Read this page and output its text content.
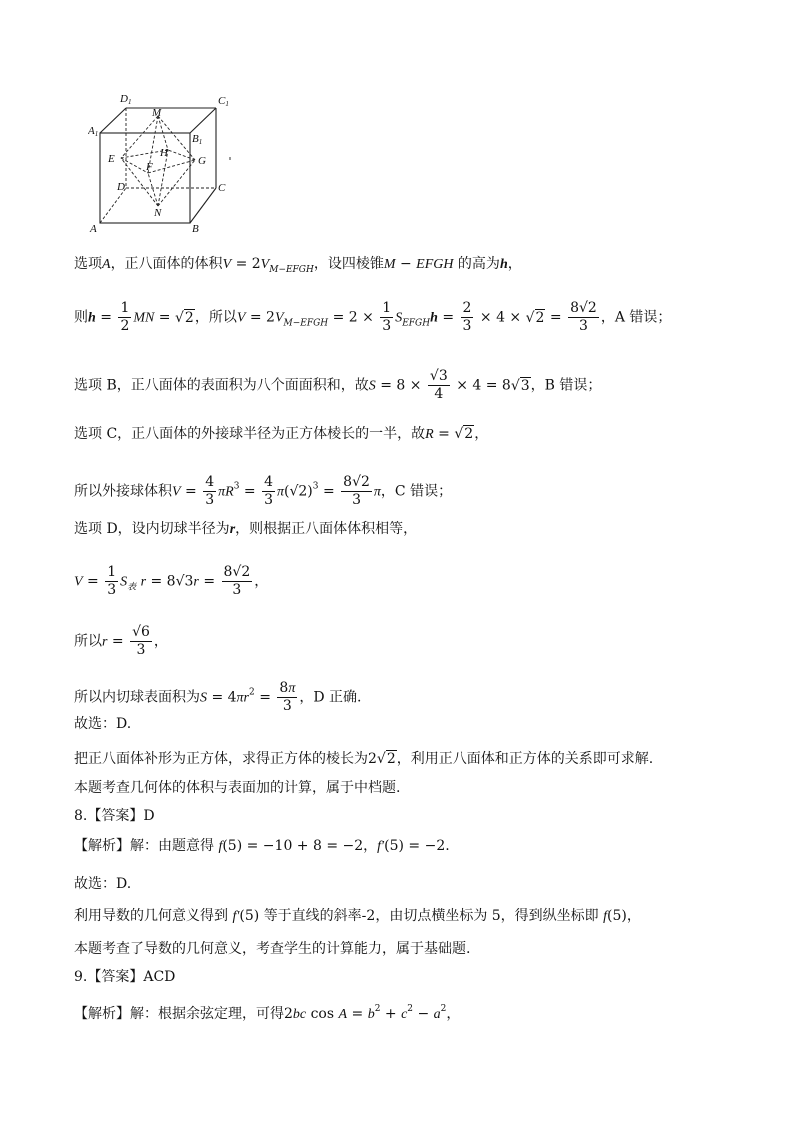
D1	C1
A1	B1
M
E	G
H
F
D	C
N
A	B
选项A，正八面体的体积$V = 2V_{M-EFGH}$，设四棱锥M − EFGH 的高为h，
则$h = \frac{1}{2}$ MN = √2，所以$V = 2V_{M-EFGH} = 2 \times \frac{1}{3} S_{EFGH}h = \frac{2}{3} \times 4 \times √2 = \frac{8√2}{3}$ ，A 错误；
选项 B，正八面体的表面积为八个面面积和，故$S = 8 \times \frac{√3}{4} \times 4 = 8√3$，B 错误；
选项 C，正八面体的外接球半径为正方体棱长的一半，故R = √2，
所以外接球体积$V = \frac{4}{3} \pi R^3 = \frac{4}{3} \pi(√2)^3 = \frac{8√2}{3}$ π，C 错误；
选项 D，设内切球半径为r，则根据正八面体体积相等，
$V = \frac{1}{3} S_表$ $r = 8√3r = \frac{8√2}{3}$ ，
所以$r = \frac{√6}{3}$ ，
所以内切球表面积为$S = 4\pi r^2 = \frac{8\pi}{3}$ ，D 正确.
故选：D.
把正八面体补形为正方体，求得正方体的棱长为2√2，利用正八面体和正方体的关系即可求解.
本题考查几何体的体积与表面加的计算，属于中档题.
8.【答案】D
【解析】解：由题意得 f(5) = −10 + 8 = −2，f′(5) = −2.
故选：D.
利用导数的几何意义得到 f′(5) 等于直线的斜率-2，由切点横坐标为 5，得到纵坐标即 f(5)，
本题考查了导数的几何意义，考查学生的计算能力，属于基础题.
9.【答案】ACD
【解析】解：根据余弦定理，可得2bc $\cos A = b^2 + c^2 - a^2$，
